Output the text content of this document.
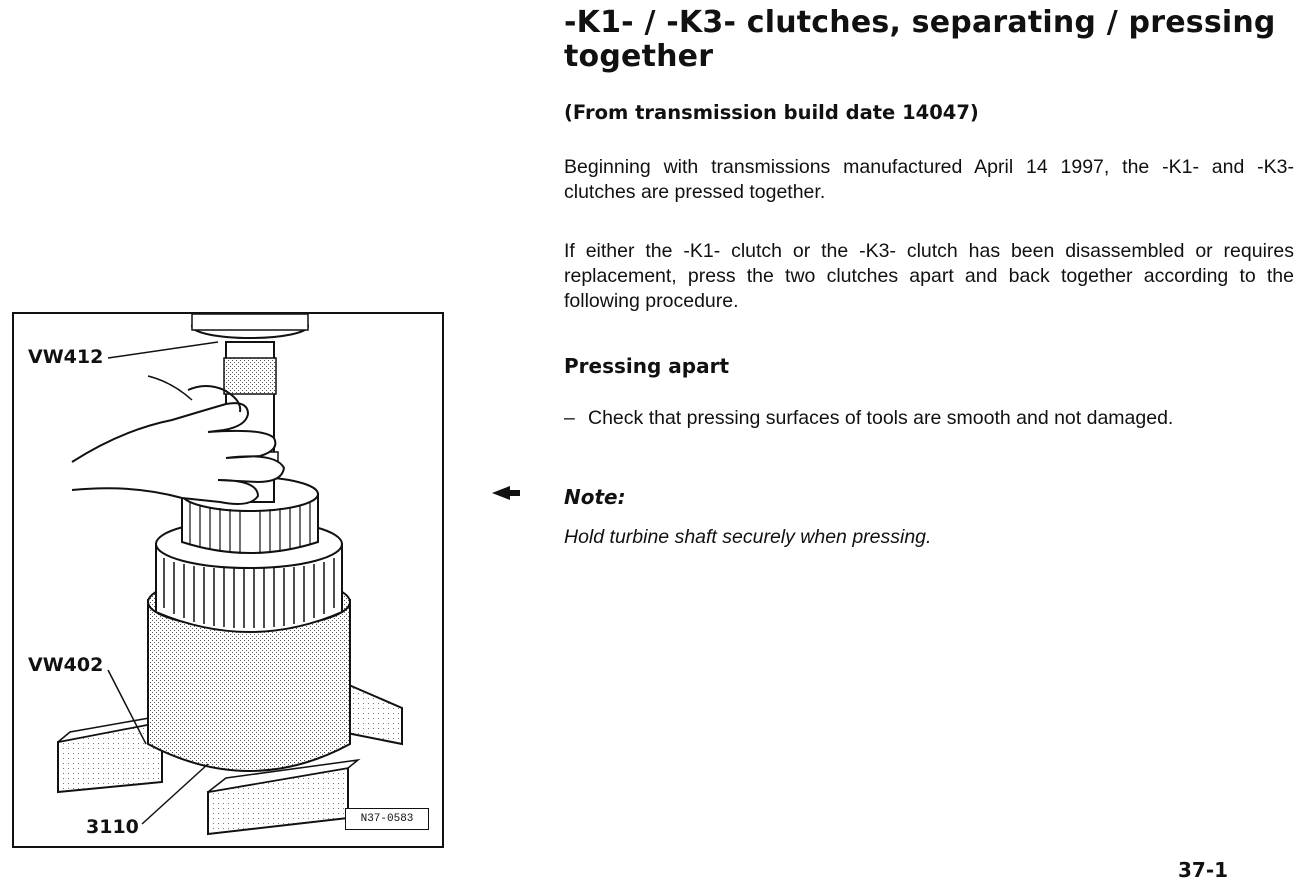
VW412
VW402
3110	N37-0583
-K1- / -K3- clutches, separating / pressing together

(From transmission build date 14047)

Beginning with transmissions manufactured April 14 1997, the -K1- and -K3- clutches are pressed together.

If either the -K1- clutch or the -K3- clutch has been disassembled or requires replacement, press the two clutches apart and back together according to the following procedure.

Pressing apart
– Check that pressing surfaces of tools are smooth and not damaged.
Note:
Hold turbine shaft securely when pressing.
37-1
